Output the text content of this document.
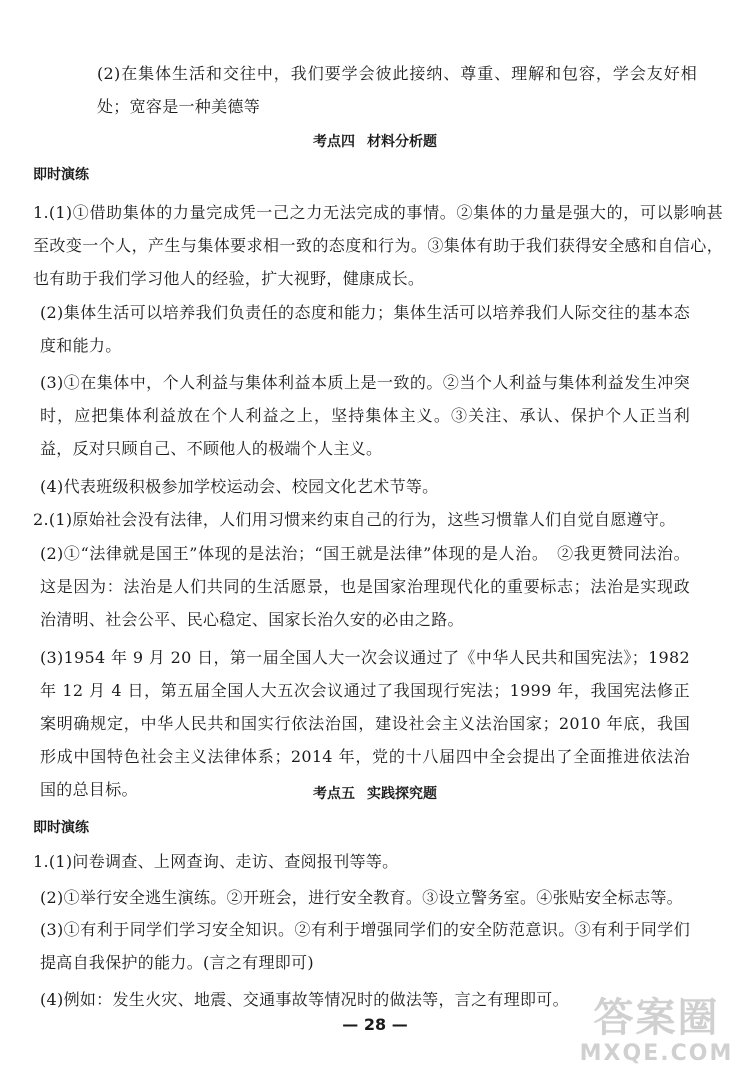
(2)在集体生活和交往中，我们要学会彼此接纳、尊重、理解和包容，学会友好相处；宽容是一种美德等

考点四 材料分析题
即时演练

1.(1)①借助集体的力量完成凭一己之力无法完成的事情。②集体的力量是强大的，可以影响甚至改变一个人，产生与集体要求相一致的态度和行为。③集体有助于我们获得安全感和自信心，也有助于我们学习他人的经验，扩大视野，健康成长。

(2)集体生活可以培养我们负责任的态度和能力；集体生活可以培养我们人际交往的基本态度和能力。

(3)①在集体中，个人利益与集体利益本质上是一致的。②当个人利益与集体利益发生冲突时，应把集体利益放在个人利益之上，坚持集体主义。③关注、承认、保护个人正当利益，反对只顾自己、不顾他人的极端个人主义。

(4)代表班级积极参加学校运动会、校园文化艺术节等。

2.(1)原始社会没有法律，人们用习惯来约束自己的行为，这些习惯靠人们自觉自愿遵守。

(2)①“法律就是国王”体现的是法治；“国王就是法律”体现的是人治。　②我更赞同法治。这是因为：法治是人们共同的生活愿景，也是国家治理现代化的重要标志；法治是实现政治清明、社会公平、民心稳定、国家长治久安的必由之路。

(3)1954 年 9 月 20 日，第一届全国人大一次会议通过了《中华人民共和国宪法》；1982 年 12 月 4 日，第五届全国人大五次会议通过了我国现行宪法；1999 年，我国宪法修正案明确规定，中华人民共和国实行依法治国，建设社会主义法治国家；2010 年底，我国形成中国特色社会主义法律体系；2014 年，党的十八届四中全会提出了全面推进依法治国的总目标。	考点五 实践探究题
即时演练

1.(1)问卷调查、上网查询、走访、查阅报刊等等。

(2)①举行安全逃生演练。②开班会，进行安全教育。③设立警务室。④张贴安全标志等。

(3)①有利于同学们学习安全知识。②有利于增强同学们的安全防范意识。③有利于同学们提高自我保护的能力。(言之有理即可)

(4)例如：发生火灾、地震、交通事故等情况时的做法等，言之有理即可。

— 28 —	答案圈
MXQE.COM
